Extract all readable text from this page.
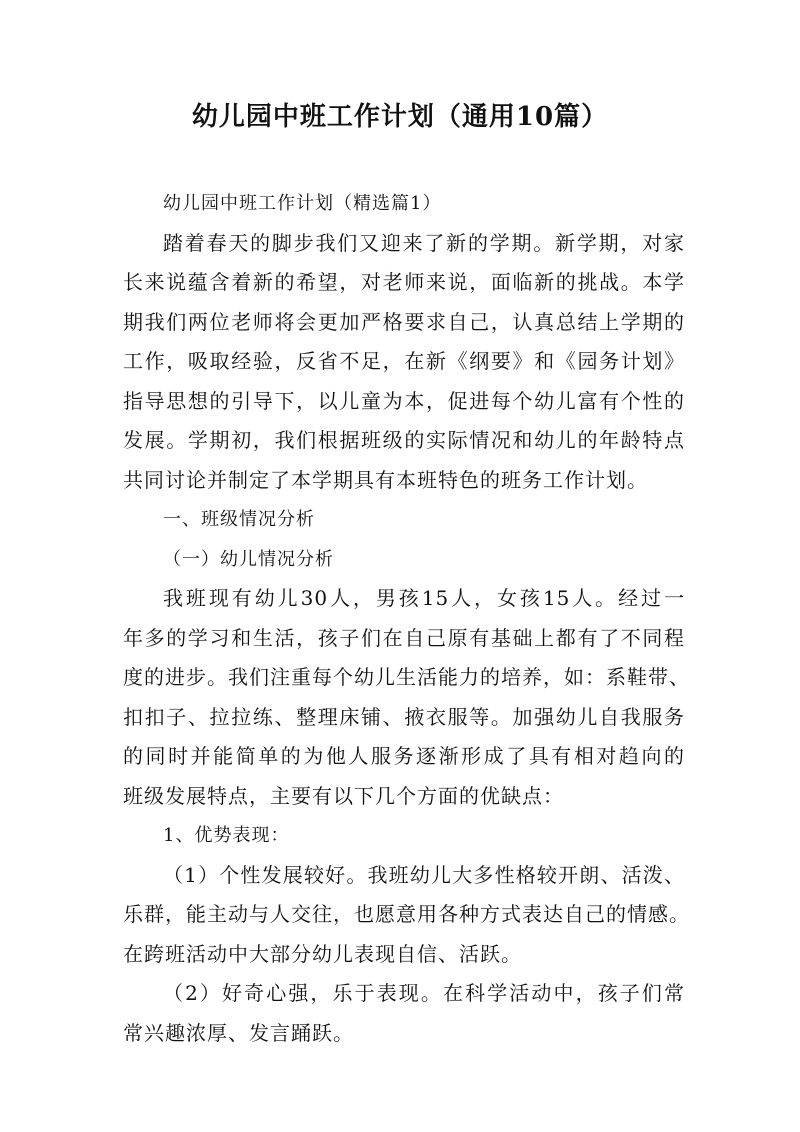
幼儿园中班工作计划（通用10篇）

幼儿园中班工作计划（精选篇1）

踏着春天的脚步我们又迎来了新的学期。新学期，对家

长来说蕴含着新的希望，对老师来说，面临新的挑战。本学

期我们两位老师将会更加严格要求自己，认真总结上学期的

工作，吸取经验，反省不足，在新《纲要》和《园务计划》

指导思想的引导下，以儿童为本，促进每个幼儿富有个性的

发展。学期初，我们根据班级的实际情况和幼儿的年龄特点

共同讨论并制定了本学期具有本班特色的班务工作计划。

一、班级情况分析

（一）幼儿情况分析

我班现有幼儿30人，男孩15人，女孩15人。经过一

年多的学习和生活，孩子们在自己原有基础上都有了不同程

度的进步。我们注重每个幼儿生活能力的培养，如：系鞋带、

扣扣子、拉拉练、整理床铺、掖衣服等。加强幼儿自我服务

的同时并能简单的为他人服务逐渐形成了具有相对趋向的

班级发展特点，主要有以下几个方面的优缺点：

1、优势表现：

（1）个性发展较好。我班幼儿大多性格较开朗、活泼、

乐群，能主动与人交往，也愿意用各种方式表达自己的情感。

在跨班活动中大部分幼儿表现自信、活跃。

（2）好奇心强，乐于表现。在科学活动中，孩子们常

常兴趣浓厚、发言踊跃。
